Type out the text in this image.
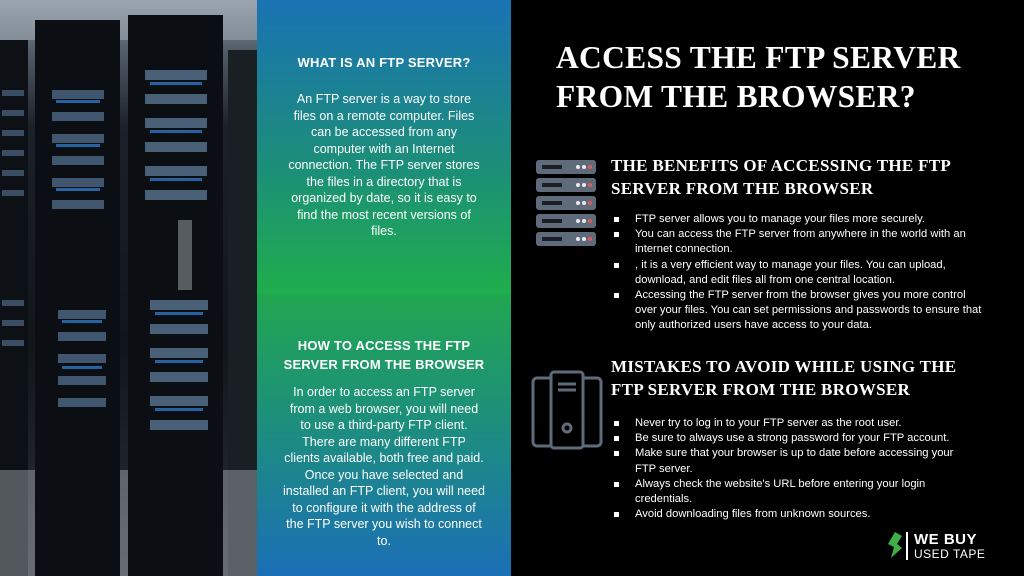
WHAT IS AN FTP SERVER?

An FTP server is a way to store files on a remote computer. Files can be accessed from any computer with an Internet connection. The FTP server stores the files in a directory that is organized by date, so it is easy to find the most recent versions of files.

HOW TO ACCESS THE FTP SERVER FROM THE BROWSER

In order to access an FTP server from a web browser, you will need to use a third-party FTP client. There are many different FTP clients available, both free and paid. Once you have selected and installed an FTP client, you will need to configure it with the address of the FTP server you wish to connect to.

ACCESS THE FTP SERVER FROM THE BROWSER?
THE BENEFITS OF ACCESSING THE FTP SERVER FROM THE BROWSER
FTP server allows you to manage your files more securely.
You can access the FTP server from anywhere in the world with an internet connection.
, it is a very efficient way to manage your files. You can upload, download, and edit files all from one central location.
Accessing the FTP server from the browser gives you more control over your files. You can set permissions and passwords to ensure that only authorized users have access to your data.
MISTAKES TO AVOID WHILE USING THE FTP SERVER FROM THE BROWSER
Never try to log in to your FTP server as the root user.
Be sure to always use a strong password for your FTP account.
Make sure that your browser is up to date before accessing your FTP server.
Always check the website's URL before entering your login credentials.
Avoid downloading files from unknown sources.
WE BUY
USED TAPE
